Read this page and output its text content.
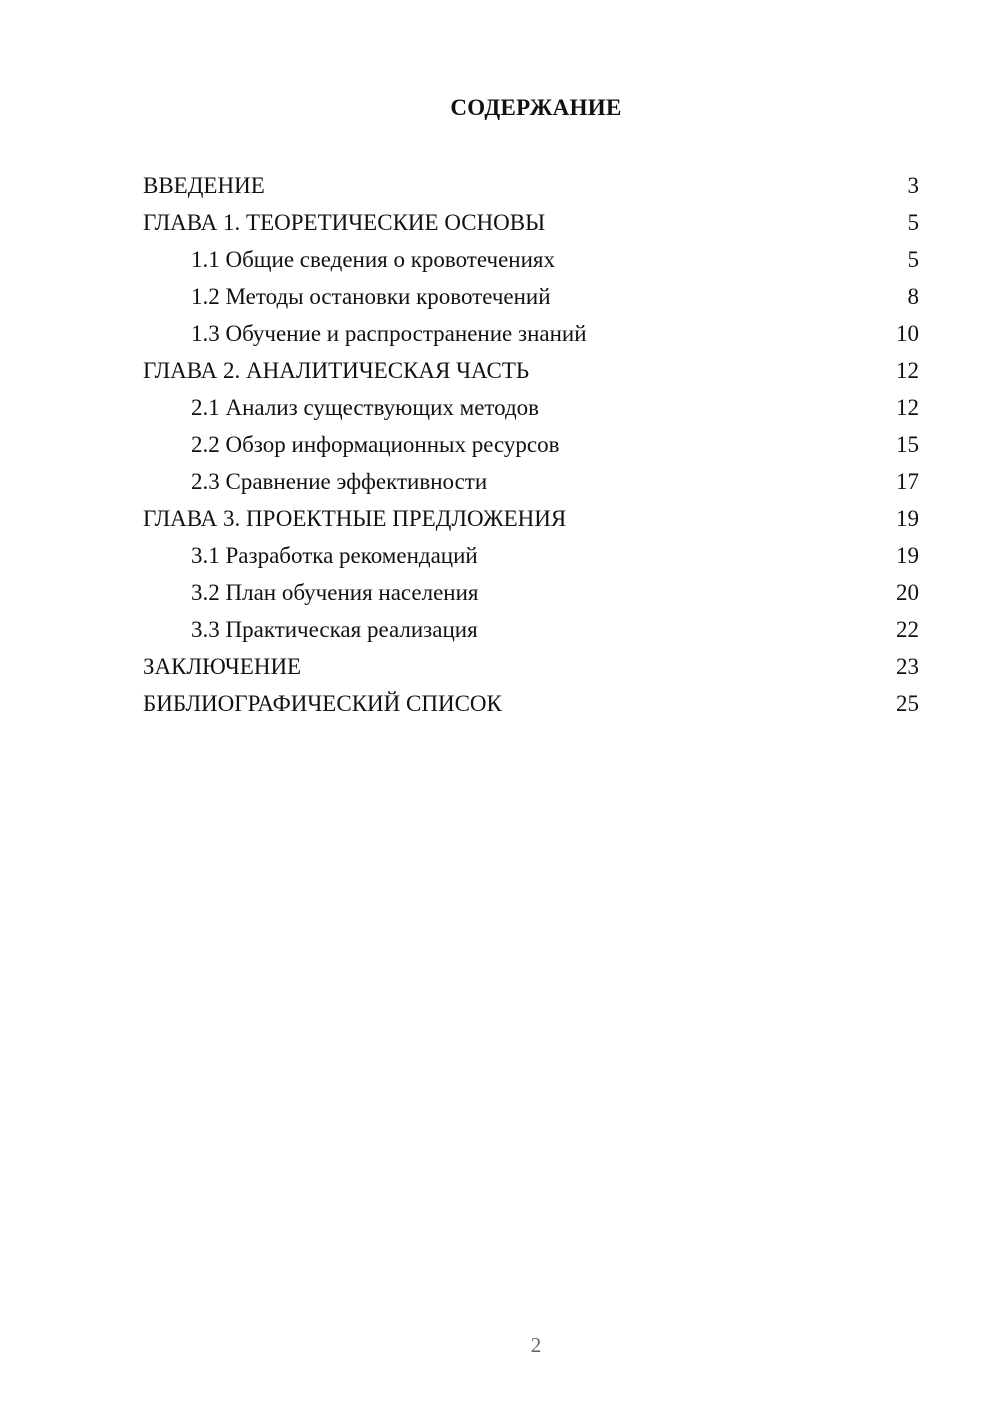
СОДЕРЖАНИЕ
ВВЕДЕНИЕ	3
ГЛАВА 1. ТЕОРЕТИЧЕСКИЕ ОСНОВЫ	5
1.1 Общие сведения о кровотечениях	5
1.2 Методы остановки кровотечений	8
1.3 Обучение и распространение знаний	10
ГЛАВА 2. АНАЛИТИЧЕСКАЯ ЧАСТЬ	12
2.1 Анализ существующих методов	12
2.2 Обзор информационных ресурсов	15
2.3 Сравнение эффективности	17
ГЛАВА 3. ПРОЕКТНЫЕ ПРЕДЛОЖЕНИЯ	19
3.1 Разработка рекомендаций	19
3.2 План обучения населения	20
3.3 Практическая реализация	22
ЗАКЛЮЧЕНИЕ	23
БИБЛИОГРАФИЧЕСКИЙ СПИСОК	25
2
